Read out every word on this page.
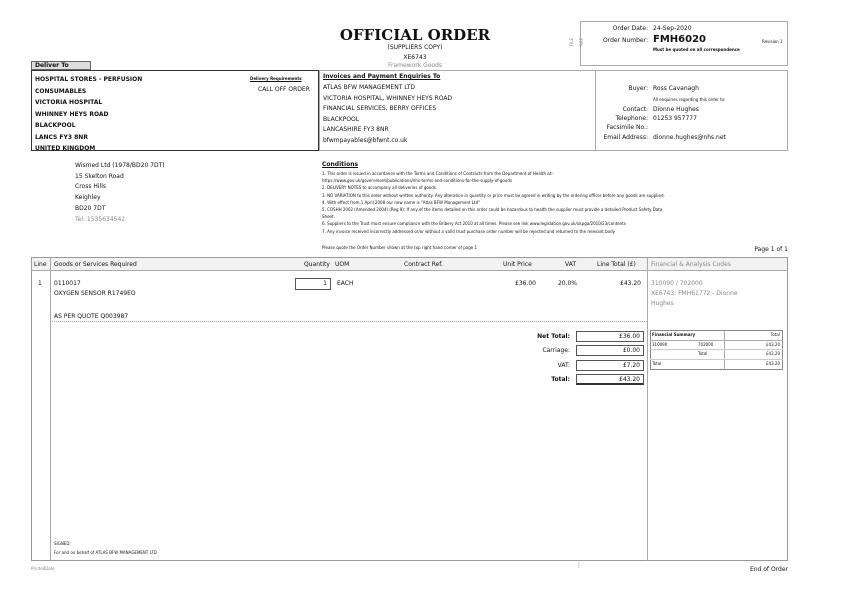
OFFICIAL ORDER
(SUPPLIERS COPY)
XE6743
Framework Goods
FILE REF
Order Date: 24-Sep-2020
Order Number: FMH6020	Revision 1
Must be quoted on all correspondence
Deliver To
HOSPITAL STORES - PERFUSION
CONSUMABLES
VICTORIA HOSPITAL
WHINNEY HEYS ROAD
BLACKPOOL
LANCS FY3 8NR
UNITED KINGDOM
Delivery Requirements
CALL OFF ORDER
Invoices and Payment Enquiries To
ATLAS BFW MANAGEMENT LTD
VICTORIA HOSPITAL, WHINNEY HEYS ROAD
FINANCIAL SERVICES, BERRY OFFICES
BLACKPOOL
LANCASHIRE FY3 8NR
bfwmpayables@bfwnt.co.uk
Buyer: Ross Cavanagh
All enquiries regarding this order to:
Contact: Dionne Hughes
Telephone: 01253 957777
Facsimile No.:
Email Address: dionne.hughes@nhs.net
Wismed Ltd (1978/BD20 7DT)
15 Skelton Road
Cross Hills
Keighley
BD20 7DT
Tel: 1535634542
Conditions
1. This order is issued in accordance with the Terms and Conditions of Contracts from the Department of Health at:-
https://www.gov.uk/government/publications/nhs-terms-and-conditions-for-the-supply-of-goods
2. DELIVERY NOTES to accompany all deliveries of goods.
3. NO VARIATION to this order without written authority. Any alteration in quantity or price must be agreed in writing by the ordering officer before any goods are supplied.
4. With effect from 1 April 2008 our new name is "Atlas BFW Management Ltd"
5. COSHH 2002 (Amended 2004) (Reg 9): If any of the items detailed on this order could be hazardous to health the supplier must provide a detailed Product Safety Data
Sheet.
6. Suppliers to the Trust must ensure compliance with the Bribery Act 2010 at all times. Please see link www.legislation.gov.uk/ukpga/2010/23/contents
7. Any invoice received incorrectly addressed or/or without a valid trust purchase order number will be rejected and returned to the relevant body
Please quote the Order Number shown at the top right hand corner of page 1	Page 1 of 1
Line Goods or Services Required	Quantity UOM	Contract Ref.	Unit Price	VAT	Line Total (£)	Financial & Analysis Codes
1 0110017
OXYGEN SENSOR R1749EO
1	EACH	£36.00	20.0%	£43.20 310090 / 702000
XE6743: FMH61772 - Dionne
Hughes
AS PER QUOTE Q003987
Net Total:	£36.00
Carriage:	£0.00
VAT:	£7.20
Total:	£43.20
Financial Summary	Total
310090	702000	£43.20
Total	£43.20
Total	£43.20
SIGNED:
For and on behalf of ATLAS BFW MANAGEMENT LTD
PrintedDate	⋮
End of Order
